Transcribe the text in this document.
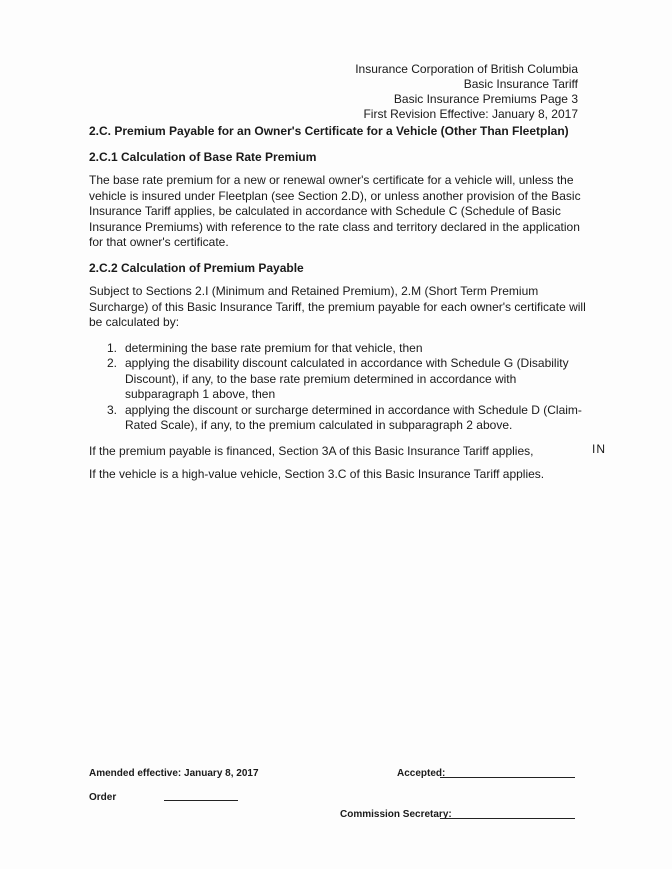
Insurance Corporation of British Columbia
Basic Insurance Tariff
Basic Insurance Premiums Page 3
First Revision Effective: January 8, 2017
2.C. Premium Payable for an Owner's Certificate for a Vehicle (Other Than Fleetplan)
2.C.1 Calculation of Base Rate Premium

The base rate premium for a new or renewal owner's certificate for a vehicle will, unless the vehicle is insured under Fleetplan (see Section 2.D), or unless another provision of the Basic Insurance Tariff applies, be calculated in accordance with Schedule C (Schedule of Basic Insurance Premiums) with reference to the rate class and territory declared in the application for that owner's certificate.

2.C.2 Calculation of Premium Payable

Subject to Sections 2.I (Minimum and Retained Premium), 2.M (Short Term Premium Surcharge) of this Basic Insurance Tariff, the premium payable for each owner's certificate will be calculated by:

1. determining the base rate premium for that vehicle, then
2. applying the disability discount calculated in accordance with Schedule G (Disability Discount), if any, to the base rate premium determined in accordance with subparagraph 1 above, then
3. applying the discount or surcharge determined in accordance with Schedule D (Claim-Rated Scale), if any, to the premium calculated in subparagraph 2 above.

If the premium payable is financed, Section 3A of this Basic Insurance Tariff applies,

If the vehicle is a high-value vehicle, Section 3.C of this Basic Insurance Tariff applies.

IN
Amended effective: January 8, 2017
Order
Accepted:
Commission Secretary:
